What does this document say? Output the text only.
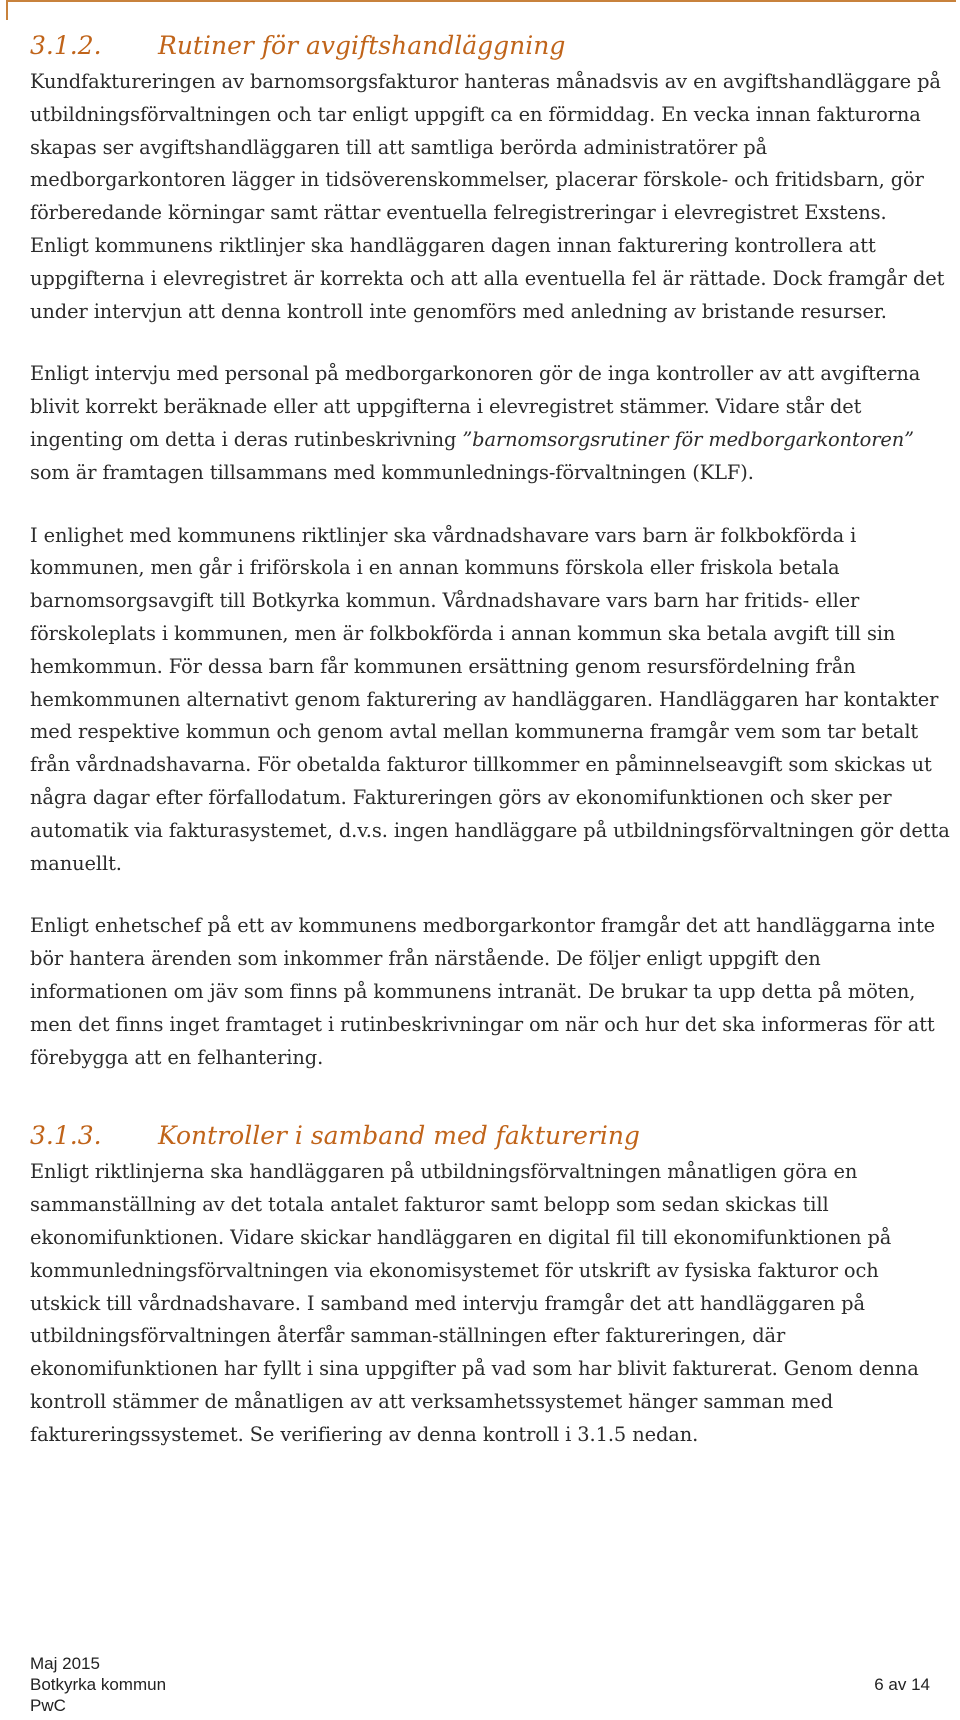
3.1.2. Rutiner för avgiftshandläggning

Kundfaktureringen av barnomsorgsfakturor hanteras månadsvis av en avgiftshandläggare på utbildningsförvaltningen och tar enligt uppgift ca en förmiddag. En vecka innan fakturorna skapas ser avgiftshandläggaren till att samtliga berörda administratörer på medborgarkontoren lägger in tidsöverenskommelser, placerar förskole- och fritidsbarn, gör förberedande körningar samt rättar eventuella felregistreringar i elevregistret Exstens. Enligt kommunens riktlinjer ska handläggaren dagen innan fakturering kontrollera att uppgifterna i elevregistret är korrekta och att alla eventuella fel är rättade. Dock framgår det under intervjun att denna kontroll inte genomförs med anledning av bristande resurser.

Enligt intervju med personal på medborgarkonoren gör de inga kontroller av att avgifterna blivit korrekt beräknade eller att uppgifterna i elevregistret stämmer. Vidare står det ingenting om detta i deras rutinbeskrivning ”barnomsorgsrutiner för medborgarkontoren” som är framtagen tillsammans med kommunlednings-förvaltningen (KLF).

I enlighet med kommunens riktlinjer ska vårdnadshavare vars barn är folkbokförda i kommunen, men går i friförskola i en annan kommuns förskola eller friskola betala barnomsorgsavgift till Botkyrka kommun. Vårdnadshavare vars barn har fritids- eller förskoleplats i kommunen, men är folkbokförda i annan kommun ska betala avgift till sin hemkommun. För dessa barn får kommunen ersättning genom resursfördelning från hemkommunen alternativt genom fakturering av handläggaren. Handläggaren har kontakter med respektive kommun och genom avtal mellan kommunerna framgår vem som tar betalt från vårdnadshavarna. För obetalda fakturor tillkommer en påminnelseavgift som skickas ut några dagar efter förfallodatum. Faktureringen görs av ekonomifunktionen och sker per automatik via fakturasystemet, d.v.s. ingen handläggare på utbildningsförvaltningen gör detta manuellt.

Enligt enhetschef på ett av kommunens medborgarkontor framgår det att handläggarna inte bör hantera ärenden som inkommer från närstående. De följer enligt uppgift den informationen om jäv som finns på kommunens intranät. De brukar ta upp detta på möten, men det finns inget framtaget i rutinbeskrivningar om när och hur det ska informeras för att förebygga att en felhantering.

3.1.3. Kontroller i samband med fakturering

Enligt riktlinjerna ska handläggaren på utbildningsförvaltningen månatligen göra en sammanställning av det totala antalet fakturor samt belopp som sedan skickas till ekonomifunktionen. Vidare skickar handläggaren en digital fil till ekonomifunktionen på kommunledningsförvaltningen via ekonomisystemet för utskrift av fysiska fakturor och utskick till vårdnadshavare. I samband med intervju framgår det att handläggaren på utbildningsförvaltningen återfår samman-ställningen efter faktureringen, där ekonomifunktionen har fyllt i sina uppgifter på vad som har blivit fakturerat. Genom denna kontroll stämmer de månatligen av att verksamhetssystemet hänger samman med faktureringssystemet. Se verifiering av denna kontroll i 3.1.5 nedan.

Maj 2015
Botkyrka kommun
PwC
6 av 14
